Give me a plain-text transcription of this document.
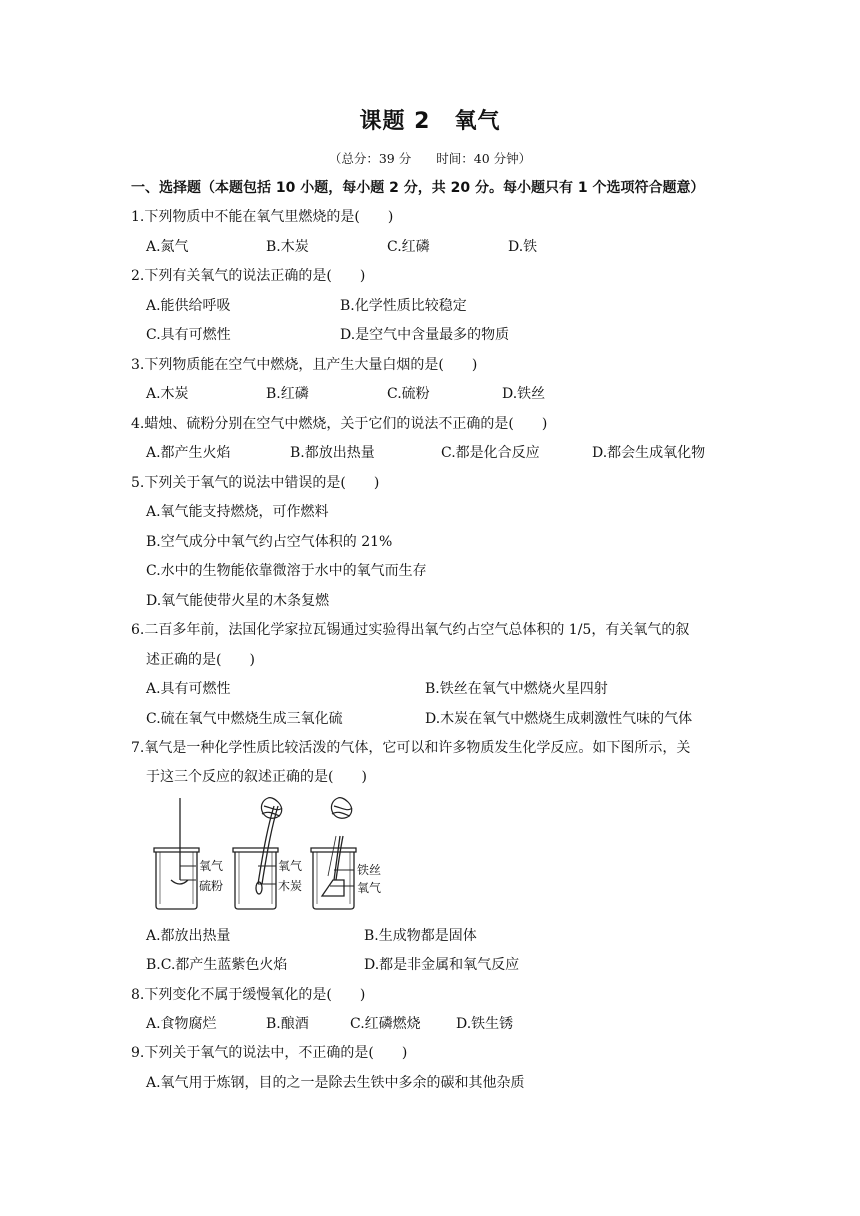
课题 2 氧气
（总分：39 分　　时间：40 分钟）
一、选择题（本题包括 10 小题，每小题 2 分，共 20 分。每小题只有 1 个选项符合题意）
1.下列物质中不能在氧气里燃烧的是(　　)
A.氮气	B.木炭	C.红磷	D.铁
2.下列有关氧气的说法正确的是(　　)
A.能供给呼吸	B.化学性质比较稳定
C.具有可燃性	D.是空气中含量最多的物质
3.下列物质能在空气中燃烧，且产生大量白烟的是(　　)
A.木炭	B.红磷	C.硫粉	D.铁丝
4.蜡烛、硫粉分别在空气中燃烧，关于它们的说法不正确的是(　　)
A.都产生火焰	B.都放出热量	C.都是化合反应	D.都会生成氧化物
5.下列关于氧气的说法中错误的是(　　)
A.氧气能支持燃烧，可作燃料
B.空气成分中氧气约占空气体积的 21%
C.水中的生物能依靠微溶于水中的氧气而生存
D.氧气能使带火星的木条复燃
6.二百多年前，法国化学家拉瓦锡通过实验得出氧气约占空气总体积的 1/5，有关氧气的叙
述正确的是(　　)
A.具有可燃性	B.铁丝在氧气中燃烧火星四射
C.硫在氧气中燃烧生成三氧化硫	D.木炭在氧气中燃烧生成刺激性气味的气体
7.氧气是一种化学性质比较活泼的气体，它可以和许多物质发生化学反应。如下图所示，关
于这三个反应的叙述正确的是(　　)
氧气
硫粉
氧气
木炭
铁丝
氧气
A.都放出热量	B.生成物都是固体
B.C.都产生蓝紫色火焰	D.都是非金属和氧气反应
8.下列变化不属于缓慢氧化的是(　　)
A.食物腐烂	B.酿酒	C.红磷燃烧	D.铁生锈
9.下列关于氧气的说法中，不正确的是(　　)
A.氧气用于炼钢，目的之一是除去生铁中多余的碳和其他杂质
